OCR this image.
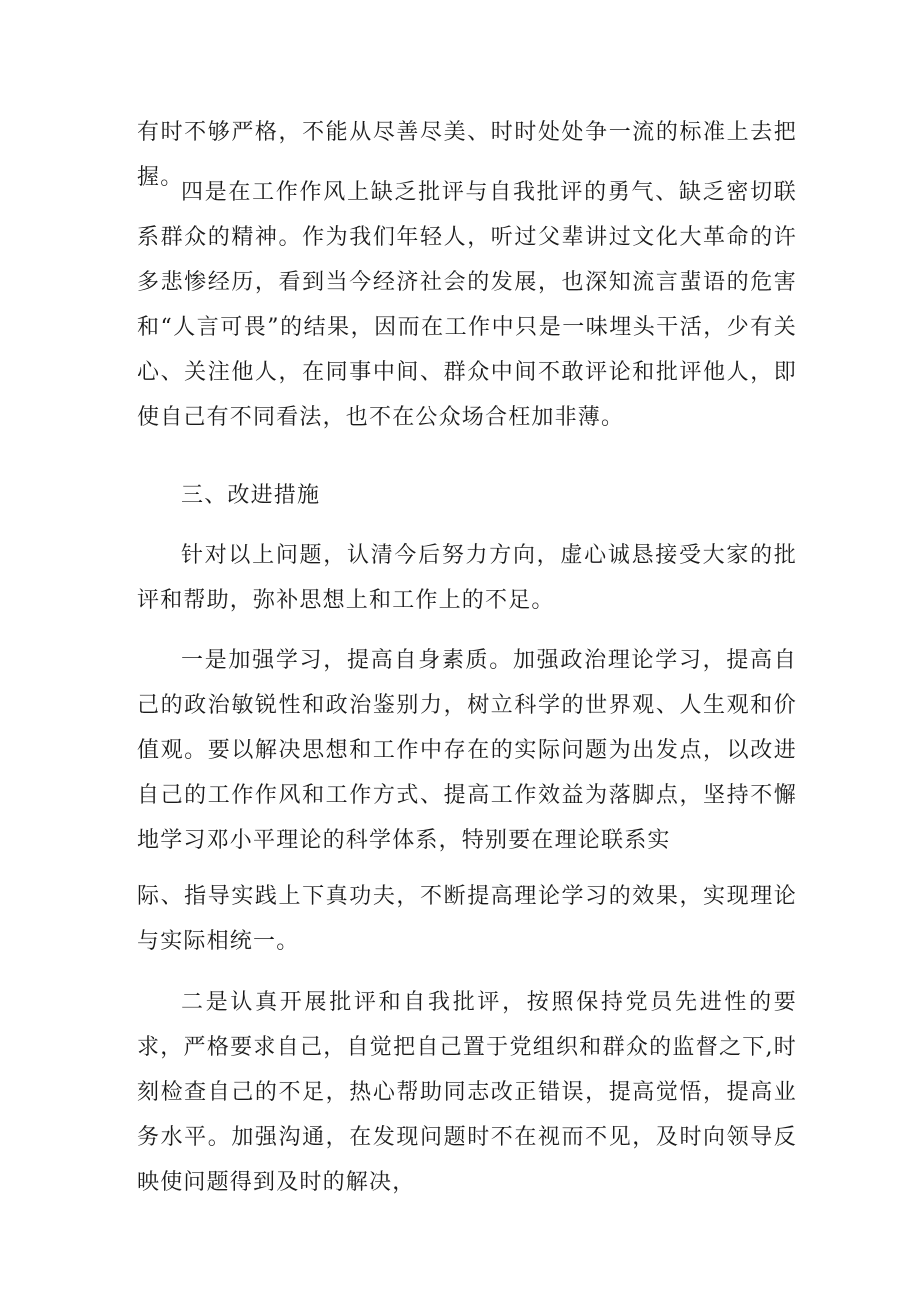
有时不够严格，不能从尽善尽美、时时处处争一流的标准上去把握。

四是在工作作风上缺乏批评与自我批评的勇气、缺乏密切联系群众的精神。作为我们年轻人，听过父辈讲过文化大革命的许多悲惨经历，看到当今经济社会的发展，也深知流言蜚语的危害和“人言可畏”的结果，因而在工作中只是一味埋头干活，少有关心、关注他人，在同事中间、群众中间不敢评论和批评他人，即使自己有不同看法，也不在公众场合枉加非薄。

三、改进措施

针对以上问题，认清今后努力方向，虚心诚恳接受大家的批评和帮助，弥补思想上和工作上的不足。

一是加强学习，提高自身素质。加强政治理论学习，提高自己的政治敏锐性和政治鉴别力，树立科学的世界观、人生观和价值观。要以解决思想和工作中存在的实际问题为出发点，以改进自己的工作作风和工作方式、提高工作效益为落脚点，坚持不懈地学习邓小平理论的科学体系，特别要在理论联系实

际、指导实践上下真功夫，不断提高理论学习的效果，实现理论与实际相统一。

二是认真开展批评和自我批评，按照保持党员先进性的要求，严格要求自己，自觉把自己置于党组织和群众的监督之下,时刻检查自己的不足，热心帮助同志改正错误，提高觉悟，提高业务水平。加强沟通，在发现问题时不在视而不见，及时向领导反映使问题得到及时的解决，
